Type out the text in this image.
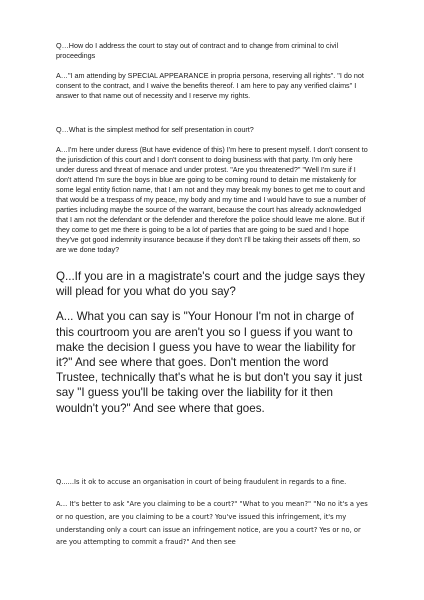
Q…How do I address the court to stay out of contract and to change from criminal to civil proceedings

A…"I am attending by SPECIAL APPEARANCE in propria persona, reserving all rights". "I do not consent to the contract, and I waive the benefits thereof. I am here to pay any verified claims" I answer to that name out of necessity and I reserve my rights.

Q…What is the simplest method for self presentation in court?

A…I'm here under duress (But have evidence of this) I'm here to present myself. I don't consent to the jurisdiction of this court and I don't consent to doing business with that party. I'm only here under duress and threat of menace and under protest. "Are you threatened?" "Well I'm sure if I don't attend I'm sure the boys in blue are going to be coming round to detain me mistakenly for some legal entity fiction name, that I am not and they may break my bones to get me to court and that would be a trespass of my peace, my body and my time and I would have to sue a number of parties including maybe the source of the warrant, because the court has already acknowledged that I am not the defendant or the defender and therefore the police should leave me alone. But if they come to get me there is going to be a lot of parties that are going to be sued and I hope they've got good indemnity insurance because if they don't I'll be taking their assets off them, so are we done today?

Q...If you are in a magistrate's court and the judge says they will plead for you what do you say?

A... What you can say is "Your Honour I'm not in charge of this courtroom you are aren't you so I guess if you want to make the decision I guess you have to wear the liability for it?" And see where that goes. Don't mention the word Trustee, technically that's what he is but don't you say it just say "I guess you'll be taking over the liability for it then wouldn't you?" And see where that goes.

Q......Is it ok to accuse an organisation in court of being fraudulent in regards to a fine.

A… It's better to ask "Are you claiming to be a court?" "What to you mean?" "No no it's a yes or no question, are you claiming to be a court? You've issued this infringement, it's my understanding only a court can issue an infringement notice, are you a court? Yes or no, or are you attempting to commit a fraud?" And then see
